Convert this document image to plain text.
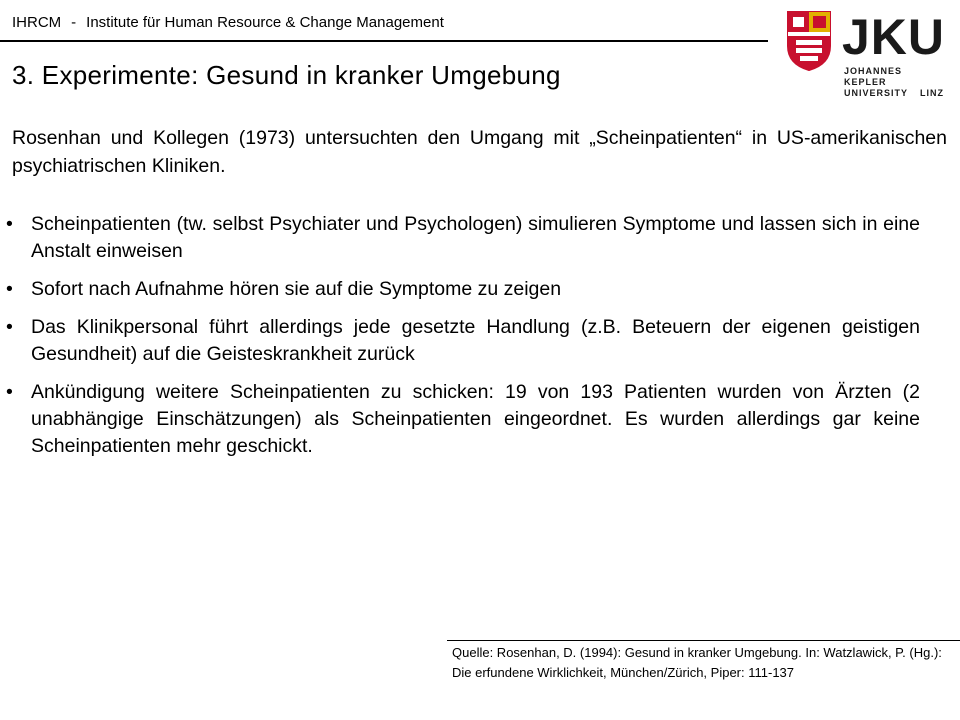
IHRCM - Institute für Human Resource & Change Management	JKU
JOHANNES KEPLER
UNIVERSITY LINZ
3. Experimente: Gesund in kranker Umgebung
Rosenhan und Kollegen (1973) untersuchten den Umgang mit „Scheinpatienten“ in US-amerikanischen psychiatrischen Kliniken.
• Scheinpatienten (tw. selbst Psychiater und Psychologen) simulieren Symptome und lassen sich in eine Anstalt einweisen
• Sofort nach Aufnahme hören sie auf die Symptome zu zeigen
• Das Klinikpersonal führt allerdings jede gesetzte Handlung (z.B. Beteuern der eigenen geistigen Gesundheit) auf die Geisteskrankheit zurück
• Ankündigung weitere Scheinpatienten zu schicken: 19 von 193 Patienten wurden von Ärzten (2 unabhängige Einschätzungen) als Scheinpatienten eingeordnet. Es wurden allerdings gar keine Scheinpatienten mehr geschickt.
Quelle: Rosenhan, D. (1994): Gesund in kranker Umgebung. In: Watzlawick, P. (Hg.): Die erfundene Wirklichkeit, München/Zürich, Piper: 111-137
